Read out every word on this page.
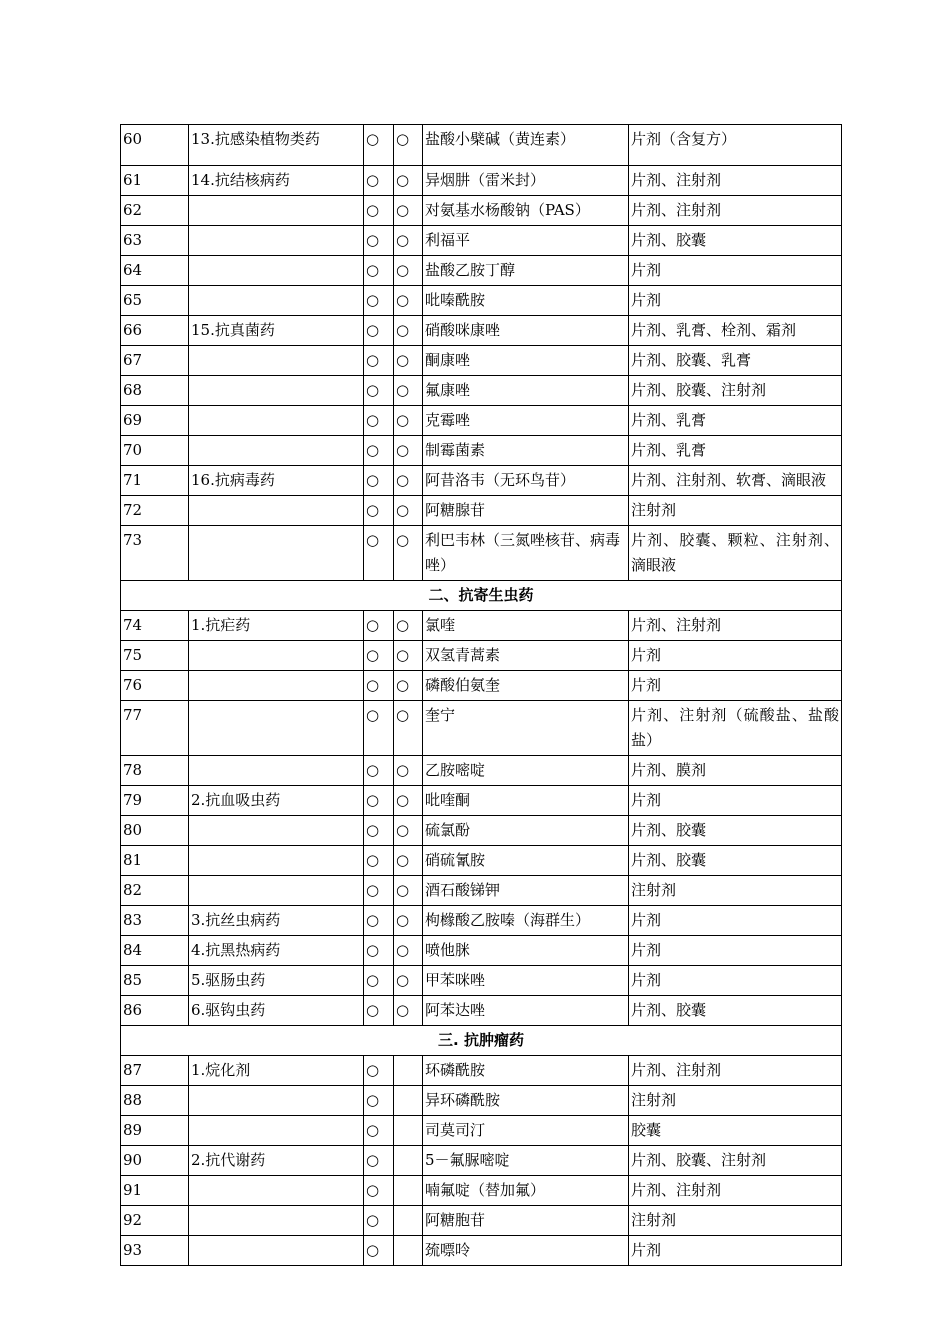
60	13.抗感染植物类药	○	○	盐酸小檗碱（黄连素）	片剂（含复方）
61	14.抗结核病药	○	○	异烟肼（雷米封）	片剂、注射剂
62		○	○	对氨基水杨酸钠（PAS）	片剂、注射剂
63		○	○	利福平	片剂、胶囊
64		○	○	盐酸乙胺丁醇	片剂
65		○	○	吡嗪酰胺	片剂
66	15.抗真菌药	○	○	硝酸咪康唑	片剂、乳膏、栓剂、霜剂
67		○	○	酮康唑	片剂、胶囊、乳膏
68		○	○	氟康唑	片剂、胶囊、注射剂
69		○	○	克霉唑	片剂、乳膏
70		○	○	制霉菌素	片剂、乳膏
71	16.抗病毒药	○	○	阿昔洛韦（无环鸟苷）	片剂、注射剂、软膏、滴眼液
72		○	○	阿糖腺苷	注射剂
73		○	○	利巴韦林（三氮唑核苷、病毒唑）	片剂、胶囊、颗粒、注射剂、滴眼液
二、抗寄生虫药					
74	1.抗疟药	○	○	氯喹	片剂、注射剂
75		○	○	双氢青蒿素	片剂
76		○	○	磷酸伯氨奎	片剂
77		○	○	奎宁	片剂、注射剂（硫酸盐、盐酸盐）
78		○	○	乙胺嘧啶	片剂、膜剂
79	2.抗血吸虫药	○	○	吡喹酮	片剂
80		○	○	硫氯酚	片剂、胶囊
81		○	○	硝硫氰胺	片剂、胶囊
82		○	○	酒石酸锑钾	注射剂
83	3.抗丝虫病药	○	○	枸橼酸乙胺嗪（海群生）	片剂
84	4.抗黑热病药	○	○	喷他脒	片剂
85	5.驱肠虫药	○	○	甲苯咪唑	片剂
86	6.驱钩虫药	○	○	阿苯达唑	片剂、胶囊
三. 抗肿瘤药					
87	1.烷化剂	○		环磷酰胺	片剂、注射剂
88		○		异环磷酰胺	注射剂
89		○		司莫司汀	胶囊
90	2.抗代谢药	○		5－氟脲嘧啶	片剂、胶囊、注射剂
91		○		喃氟啶（替加氟）	片剂、注射剂
92		○		阿糖胞苷	注射剂
93		○		巯嘌呤	片剂
